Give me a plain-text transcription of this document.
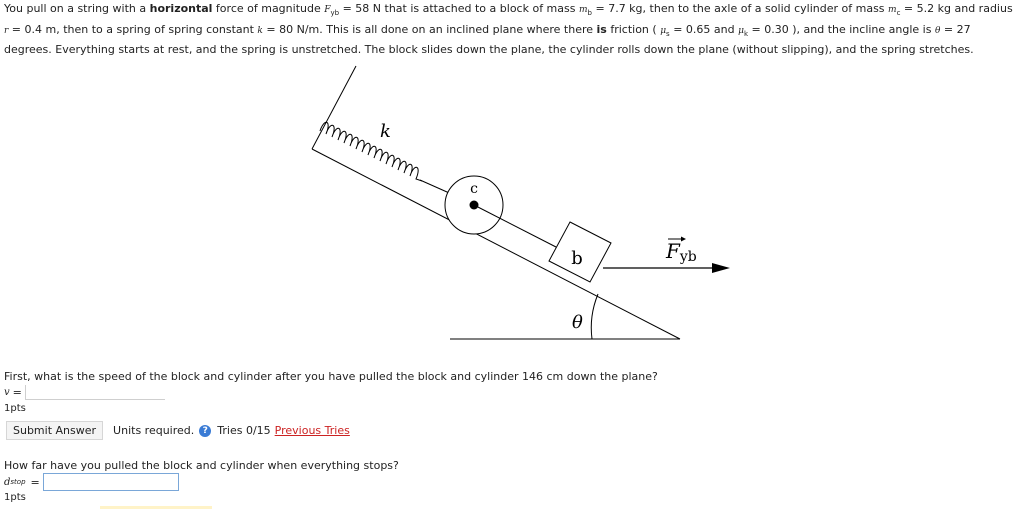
You pull on a string with a horizontal force of magnitude $F_{yb} = 58$ N that is attached to a block of mass $m_b = 7.7$ kg, then to the axle of a solid cylinder of mass $m_c = 5.2$ kg and radius
r = 0.4 m, then to a spring of spring constant k = 80 N/m. This is all done on an inclined plane where there is friction ( $\mu_s = 0.65$ and $\mu_k = 0.30$ ), and the incline angle is θ = 27
degrees. Everything starts at rest, and the spring is unstretched. The block slides down the plane, the cylinder rolls down the plane (without slipping), and the spring stretches.
k
c
b	Fyb
θ
First, what is the speed of the block and cylinder after you have pulled the block and cylinder 146 cm down the plane?
v =
1pts
Submit Answer	Units required. ? Tries 0/15 Previous Tries
How far have you pulled the block and cylinder when everything stops?
d stop =
1pts
